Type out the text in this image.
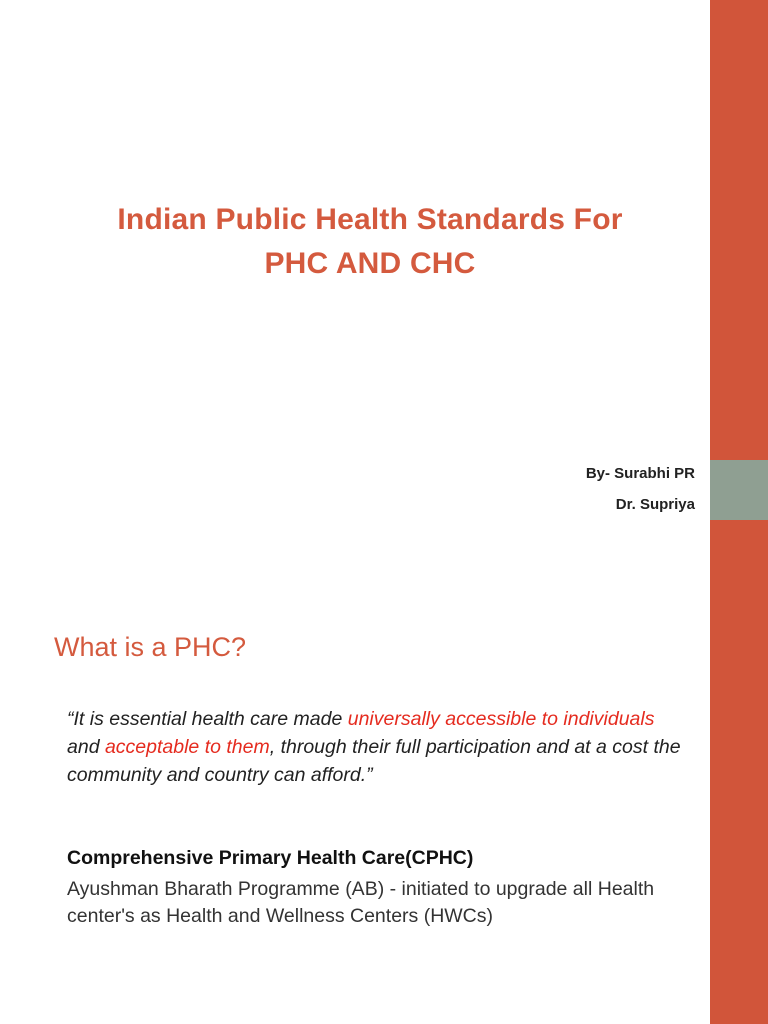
Indian Public Health Standards For
PHC AND CHC
By- Surabhi PR
Dr. Supriya
What is a PHC?
“It is essential health care made universally accessible to individuals and acceptable to them, through their full participation and at a cost the community and country can afford.”
Comprehensive Primary Health Care(CPHC)
Ayushman Bharath Programme (AB) - initiated to upgrade all Health center's as Health and Wellness Centers (HWCs)
